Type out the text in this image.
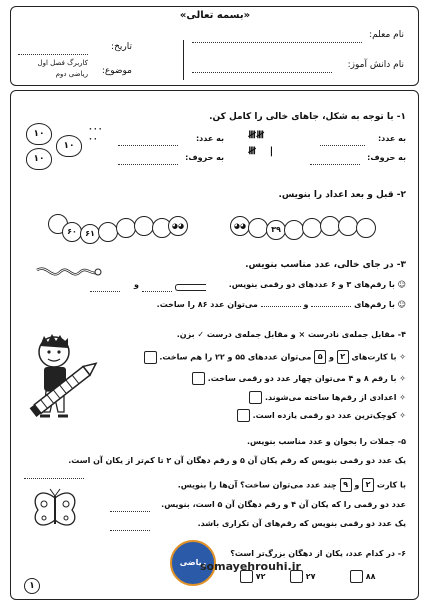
«بسمه تعالی»
نام معلم:
نام دانش آموز:
تاریخ:
موضوع:
کاربرگ فصل اول
ریاضی دوم
۱- با توجه به شکل، جاهای خالی را کامل کن.
به عدد:
به حروف:
𝍸𝍸
𝍸 |
به عدد:
به حروف:
۱۰
۱۰
۱۰
۰۰۰
۰۰
۲- قبل و بعد اعداد را بنویس.
۶۰	۶۱
◕◕	◕◕	۳۹
۳- در جای خالی، عدد مناسب بنویس.
☺ با رقم‌های ۳ و ۶ عددهای دو رقمی بنویس.
و
☺ با رقم‌های  و  می‌توان عدد ۸۶ را ساخت.
۴- مقابل جمله‌ی نادرست × و مقابل جمله‌ی درست ✓ بزن.
✧ با کارت‌های ۲ و ۵ می‌توان عددهای ۵۵ و ۲۲ را هم ساخت.
✧ با رقم ۸ و ۴ می‌توان چهار عدد دو رقمی ساخت.
✧ اعدادی از رقم‌ها ساخته می‌شوند.
✧ کوچک‌ترین عدد دو رقمی یازده است.
۵- جملات را بخوان و عدد مناسب بنویس.
یک عدد دو رقمی بنویس که رقم یکان آن ۵ و رقم دهگان آن ۲ تا کم‌تر از یکان آن است.
با کارت ۲ و ۹ چند عدد می‌توان ساخت؟ آن‌ها را بنویس.
عدد دو رقمی را که یکان آن ۴ و رقم دهگان آن ۵ است، بنویس.
یک عدد دو رقمی بنویس که رقم‌های آن تکراری باشد.
۶- در کدام عدد، یکان از دهگان بزرگ‌تر است؟
۸۸
۲۷
۷۲
ریاضی
somayehrouhi.ir
۱
